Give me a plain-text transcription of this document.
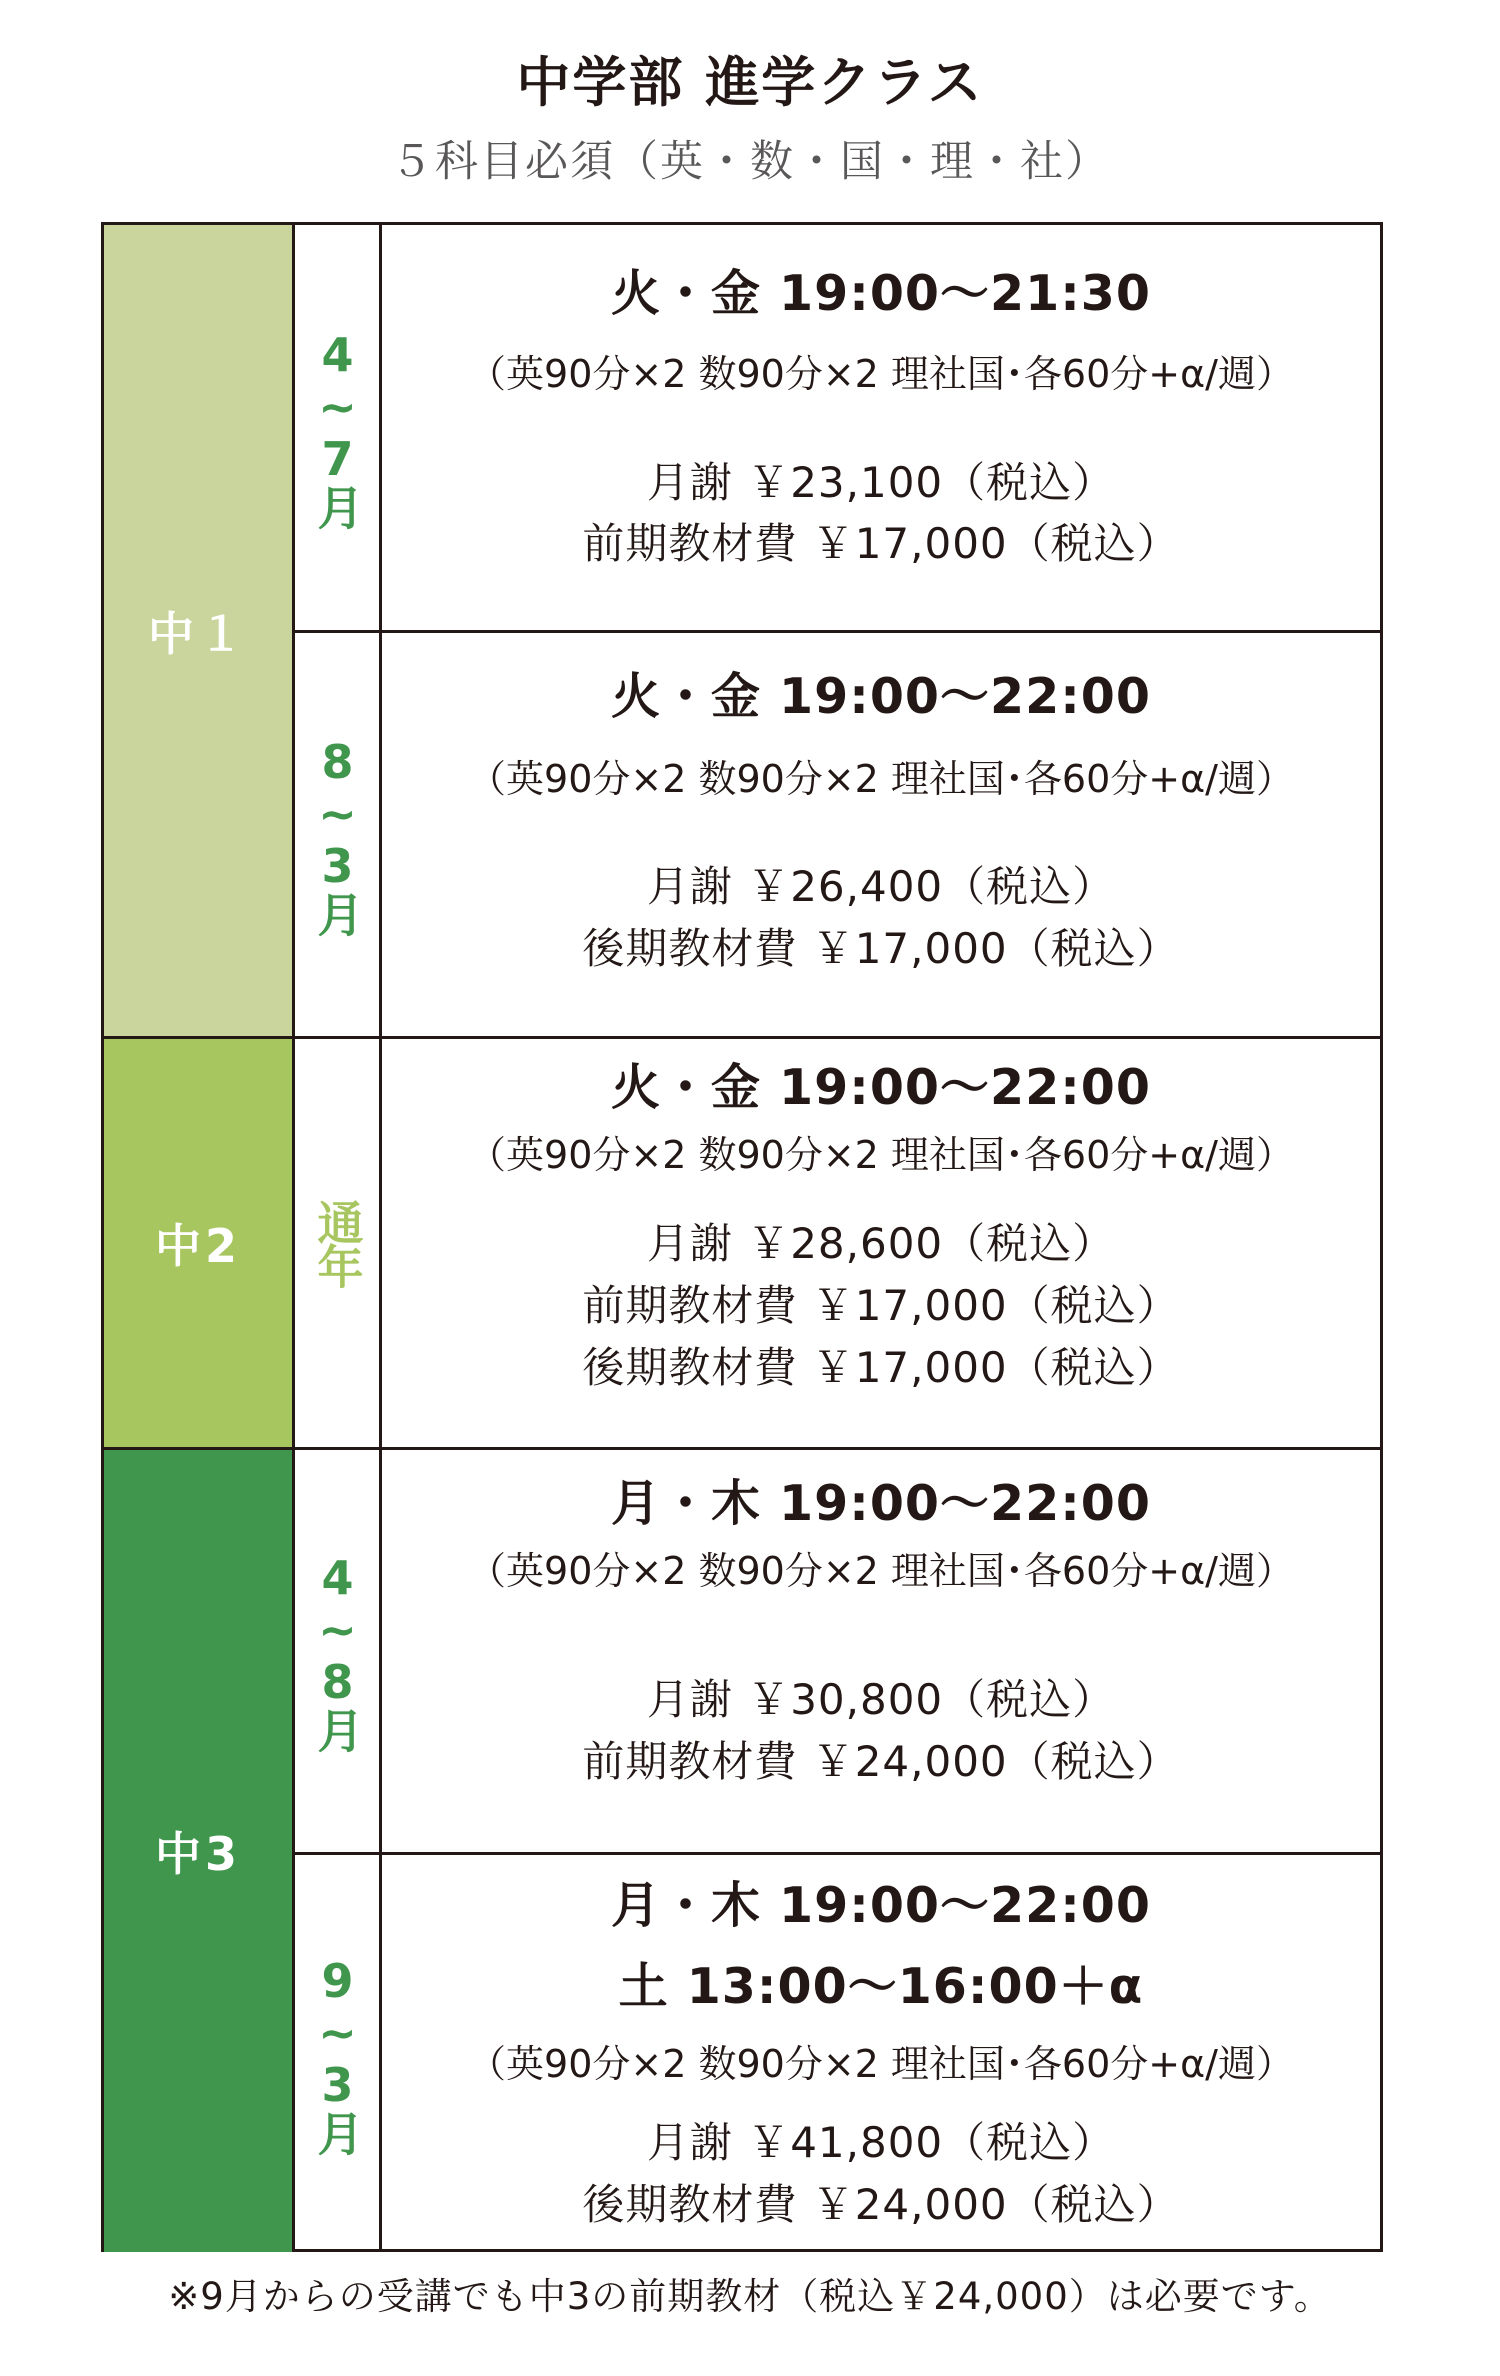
中学部 進学クラス
５科目必須（英・数・国・理・社）
中１
中2
中3
4~7月
火・金 19:00～21:30
（英90分×2 数90分×2 理社国･各60分+α/週）
月謝 ￥23,100（税込）
前期教材費 ￥17,000（税込）
8~3月
火・金 19:00～22:00
（英90分×2 数90分×2 理社国･各60分+α/週）
月謝 ￥26,400（税込）
後期教材費 ￥17,000（税込）
通年
火・金 19:00～22:00
（英90分×2 数90分×2 理社国･各60分+α/週）
月謝 ￥28,600（税込）
前期教材費 ￥17,000（税込）
後期教材費 ￥17,000（税込）
4~8月
月・木 19:00～22:00
（英90分×2 数90分×2 理社国･各60分+α/週）
月謝 ￥30,800（税込）
前期教材費 ￥24,000（税込）
9~3月
月・木 19:00～22:00
土 13:00～16:00＋α
（英90分×2 数90分×2 理社国･各60分+α/週）
月謝 ￥41,800（税込）
後期教材費 ￥24,000（税込）
※9月からの受講でも中3の前期教材（税込￥24,000）は必要です。
